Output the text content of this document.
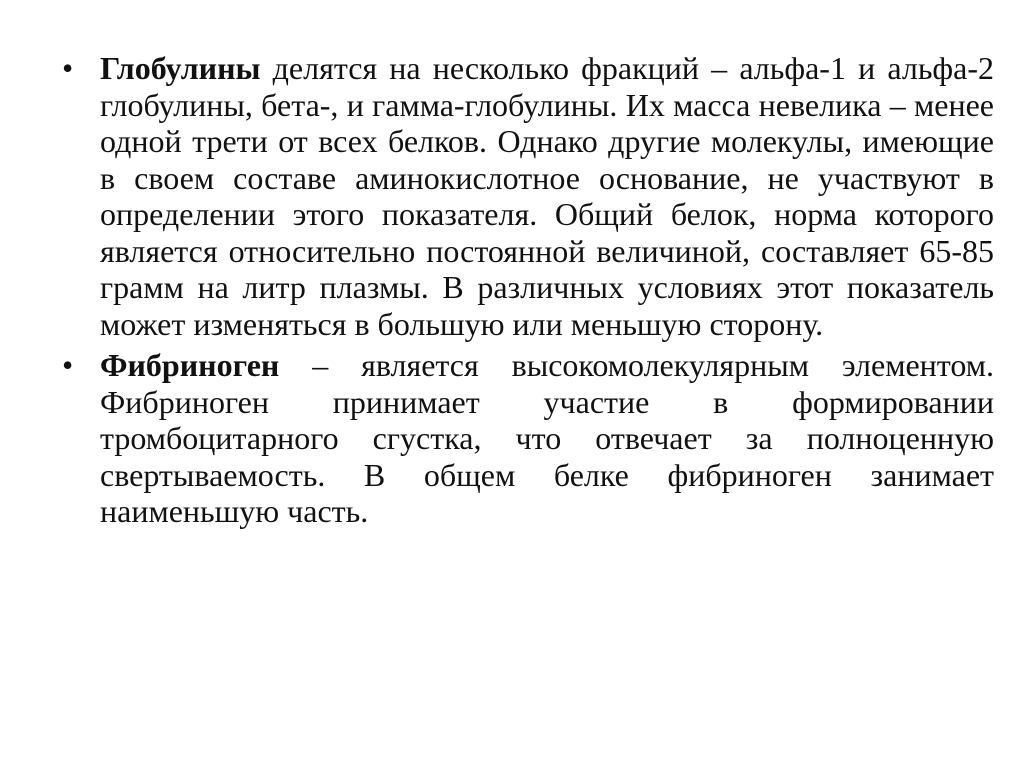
• Глобулины делятся на несколько фракций – альфа-1 и альфа-2 глобулины, бета-, и гамма-глобулины. Их масса невелика – менее одной трети от всех белков. Однако другие молекулы, имеющие в своем составе аминокислотное основание, не участвуют в определении этого показателя. Общий белок, норма которого является относительно постоянной величиной, составляет 65-85 грамм на литр плазмы. В различных условиях этот показатель может изменяться в большую или меньшую сторону.
• Фибриноген – является высокомолекулярным элементом. Фибриноген принимает участие в формировании тромбоцитарного сгустка, что отвечает за полноценную свертываемость. В общем белке фибриноген занимает наименьшую часть.
